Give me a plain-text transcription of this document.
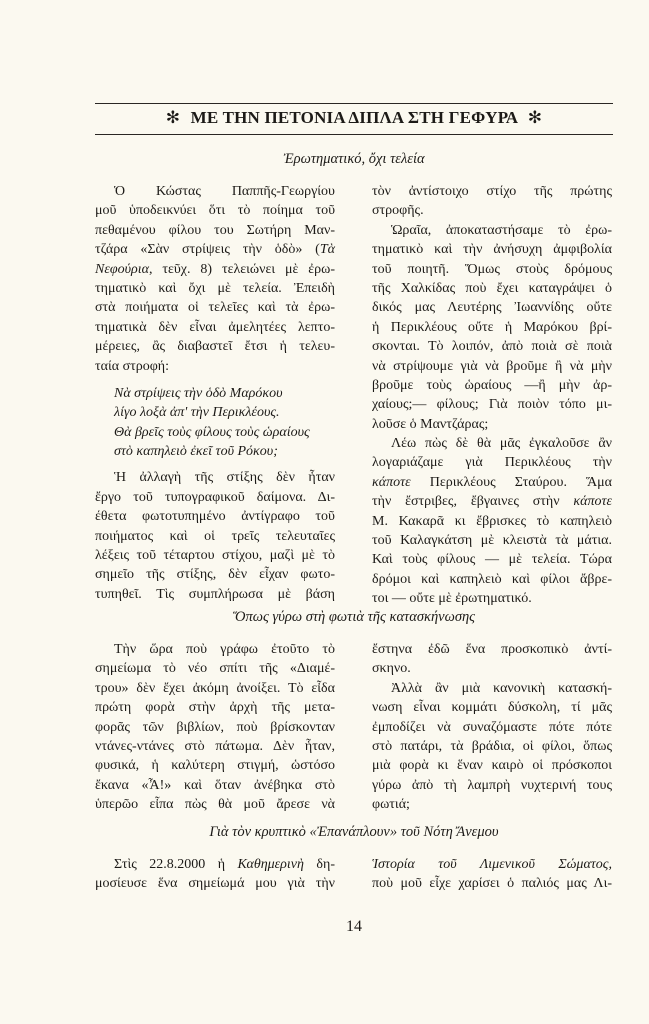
✻ ΜΕ ΤΗΝ ΠΕΤΟΝΙΑ ΔΙΠΛΑ ΣΤΗ ΓΕΦΥΡΑ ✻
Ἐρωτηματικό, ὄχι τελεία

Ὁ Κώστας Παππῆς-Γεωργίου
μοῦ ὑποδεικνύει ὅτι τὸ ποίημα τοῦ
πεθαμένου φίλου του Σωτήρη Μαν-
τζάρα «Σὰν στρίψεις τὴν ὁδὸ» (Τὰ
Νεφούρια, τεῦχ. 8) τελειώνει μὲ ἐρω-
τηματικὸ καὶ ὄχι μὲ τελεία. Ἐπειδὴ
στὰ ποιήματα οἱ τελεῖες καὶ τὰ ἐρω-
τηματικὰ δὲν εἶναι ἀμελητέες λεπτο-
μέρειες, ἂς διαβαστεῖ ἔτσι ἡ τελευ-
ταία στροφή:

Νὰ στρίψεις τὴν ὁδὸ Μαρόκου
λίγο λοξὰ ἀπ' τὴν Περικλέους.
Θὰ βρεῖς τοὺς φίλους τοὺς ὡραίους
στὸ καπηλειὸ ἐκεῖ τοῦ Ρόκου;

Ἡ ἀλλαγὴ τῆς στίξης δὲν ἦταν
ἔργο τοῦ τυπογραφικοῦ δαίμονα. Δι-
έθετα φωτοτυπημένο ἀντίγραφο τοῦ
ποιήματος καὶ οἱ τρεῖς τελευταῖες
λέξεις τοῦ τέταρτου στίχου, μαζὶ μὲ τὸ
σημεῖο τῆς στίξης, δὲν εἶχαν φωτο-
τυπηθεῖ. Τὶς συμπλήρωσα μὲ βάση

τὸν ἀντίστοιχο στίχο τῆς πρώτης
στροφῆς.

Ὡραῖα, ἀποκαταστήσαμε τὸ ἐρω-
τηματικὸ καὶ τὴν ἀνήσυχη ἀμφιβολία
τοῦ ποιητῆ. Ὅμως στοὺς δρόμους
τῆς Χαλκίδας ποὺ ἔχει καταγράψει ὁ
δικός μας Λευτέρης Ἰωαννίδης οὔτε
ἡ Περικλέους οὔτε ἡ Μαρόκου βρί-
σκονται. Τὸ λοιπόν, ἀπὸ ποιὰ σὲ ποιὰ
νὰ στρίψουμε γιὰ νὰ βροῦμε ἢ νὰ μὴν
βροῦμε τοὺς ὡραίους —ἢ μὴν ἀρ-
χαίους;— φίλους; Γιὰ ποιὸν τόπο μι-
λοῦσε ὁ Μαντζάρας;

Λέω πὼς δὲ θὰ μᾶς ἐγκαλοῦσε ἂν
λογαριάζαμε γιὰ Περικλέους τὴν
κάποτε Περικλέους Σταύρου. Ἅμα
τὴν ἔστριβες, ἔβγαινες στὴν κάποτε
Μ. Κακαρᾶ κι ἔβρισκες τὸ καπηλειὸ
τοῦ Καλαγκάτση μὲ κλειστὰ τὰ μάτια.
Καὶ τοὺς φίλους — μὲ τελεία. Τώρα
δρόμοι καὶ καπηλειὸ καὶ φίλοι ἄβρε-
τοι — οὔτε μὲ ἐρωτηματικό.

Ὅπως γύρω στὴ φωτιὰ τῆς κατασκήνωσης

Τὴν ὥρα ποὺ γράφω ἐτοῦτο τὸ
σημείωμα τὸ νέο σπίτι τῆς «Διαμέ-
τρου» δὲν ἔχει ἀκόμη ἀνοίξει. Τὸ εἶδα
πρώτη φορὰ στὴν ἀρχὴ τῆς μετα-
φορᾶς τῶν βιβλίων, ποὺ βρίσκονταν
ντάνες-ντάνες στὸ πάτωμα. Δὲν ἦταν,
φυσικά, ἡ καλύτερη στιγμή, ὡστόσο
ἔκανα «Ἆ!» καὶ ὅταν ἀνέβηκα στὸ
ὑπερῶο εἶπα πὼς θὰ μοῦ ἄρεσε νὰ

ἔστηνα ἐδῶ ἕνα προσκοπικὸ ἀντί-
σκηνο.

Ἀλλὰ ἂν μιὰ κανονικὴ κατασκή-
νωση εἶναι κομμάτι δύσκολη, τί μᾶς
ἐμποδίζει νὰ συναζόμαστε πότε πότε
στὸ πατάρι, τὰ βράδια, οἱ φίλοι, ὅπως
μιὰ φορὰ κι ἕναν καιρὸ οἱ πρόσκοποι
γύρω ἀπὸ τὴ λαμπρὴ νυχτερινή τους
φωτιά;

Γιὰ τὸν κρυπτικὸ «Ἐπανάπλουν» τοῦ Νότη Ἄνεμου

Στὶς 22.8.2000 ἡ Καθημερινὴ δη-
μοσίευσε ἕνα σημείωμά μου γιὰ τὴν

Ἱστορία τοῦ Λιμενικοῦ Σώματος,
ποὺ μοῦ εἶχε χαρίσει ὁ παλιός μας Λι-

14
